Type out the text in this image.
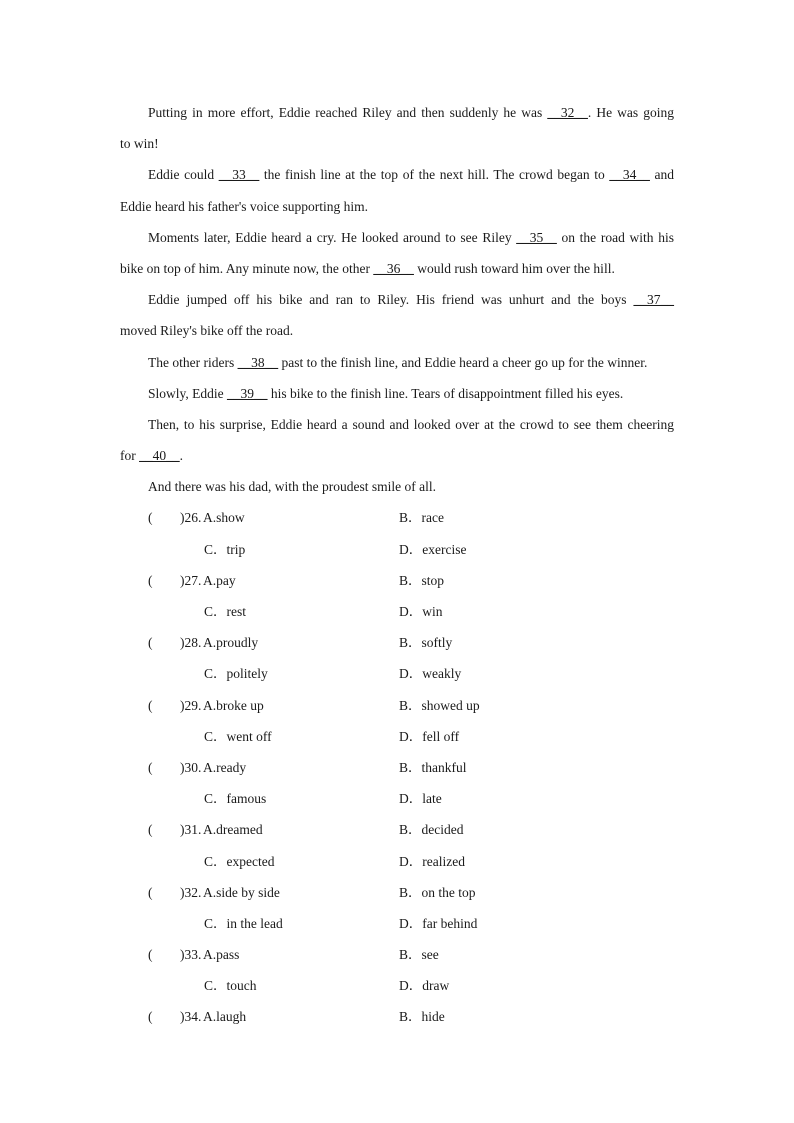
Putting in more effort, Eddie reached Riley and then suddenly he was __32__. He was going
to win!
Eddie could __33__ the finish line at the top of the next hill. The crowd began to __34__ and
Eddie heard his father's voice supporting him.
Moments later, Eddie heard a cry. He looked around to see Riley __35__ on the road with his
bike on top of him. Any minute now, the other __36__ would rush toward him over the hill.
Eddie jumped off his bike and ran to Riley. His friend was unhurt and the boys __37__
moved Riley's bike off the road.
The other riders __38__ past to the finish line, and Eddie heard a cheer go up for the winner.
Slowly, Eddie __39__ his bike to the finish line. Tears of disappointment filled his eyes.
Then, to his surprise, Eddie heard a sound and looked over at the crowd to see them cheering
for __40__.
And there was his dad, with the proudest smile of all.
( )26. A.show	B．race
C．trip	D．exercise
( )27. A.pay	B．stop
C．rest	D．win
( )28. A.proudly	B．softly
C．politely	D．weakly
( )29. A.broke up	B．showed up
C．went off	D．fell off
( )30. A.ready	B．thankful
C．famous	D．late
( )31. A.dreamed	B．decided
C．expected	D．realized
( )32. A.side by side	B．on the top
C．in the lead	D．far behind
( )33. A.pass	B．see
C．touch	D．draw
( )34. A.laugh	B．hide
